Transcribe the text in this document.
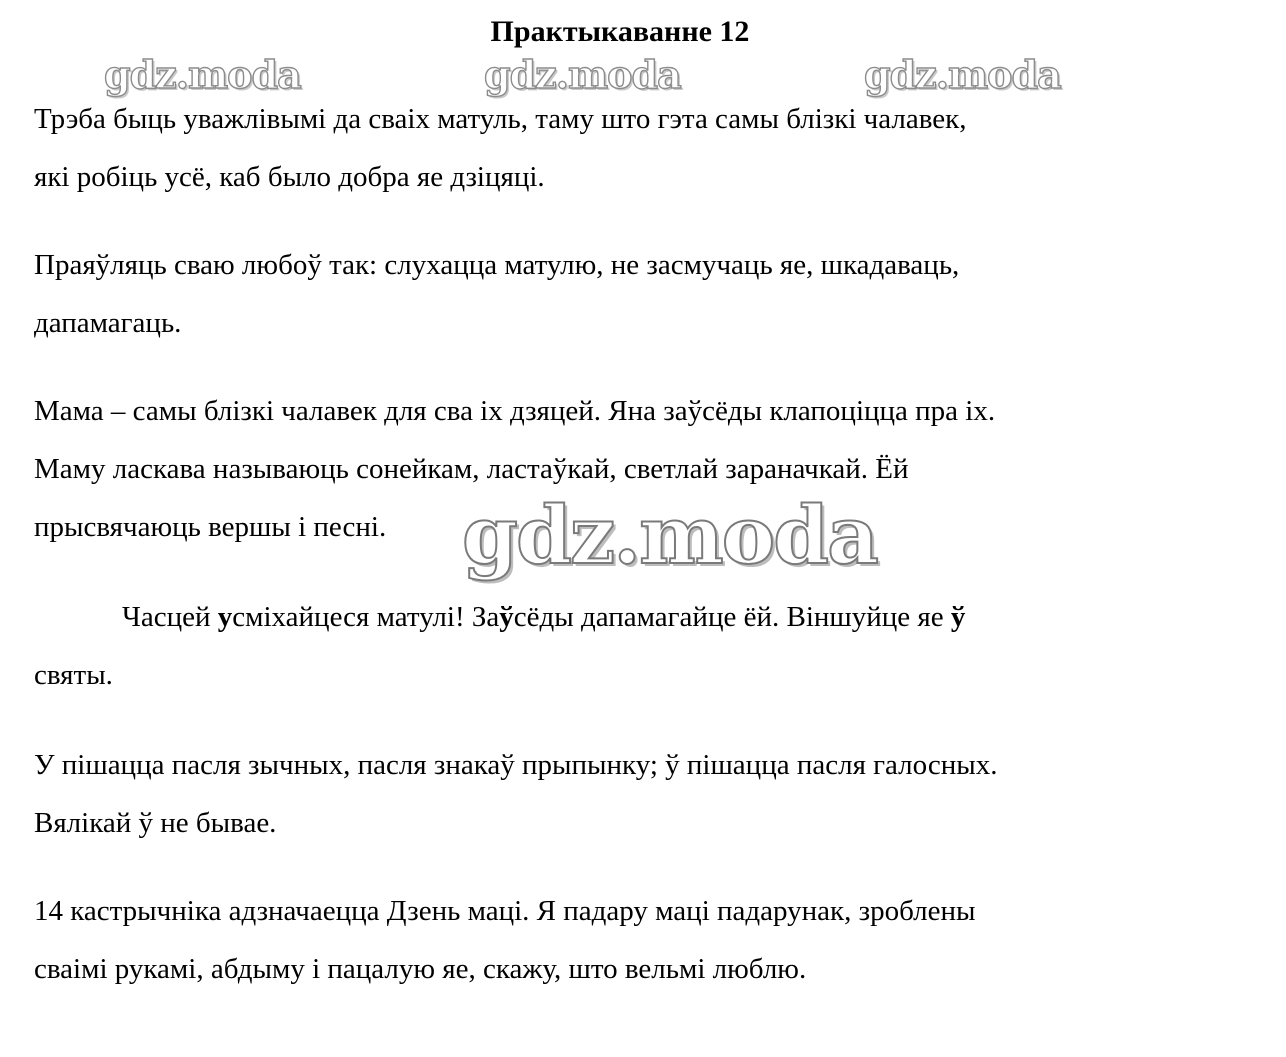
Практыкаванне 12
gdz.moda	gdz.moda	gdz.moda

Трэба быць уважлівымі да сваіх матуль, таму што гэта самы блізкі чалавек,
які робіць усё, каб было добра яе дзіцяці.

Праяўляць сваю любоў так: слухацца матулю, не засмучаць яе, шкадаваць,
дапамагаць.

Мама – самы блізкі чалавек для сва іх дзяцей. Яна заўсёды клапоціцца пра іх.
Маму ласкава называюць сонейкам, ластаўкай, светлай зараначкай. Ёй
прысвячаюць вершы і песні.

Часцей усміхайцеся матулі! Заўсёды дапамагайце ёй. Віншуйце яе ў
святы.

У пішацца пасля зычных, пасля знакаў прыпынку; ў пішацца пасля галосных.
Вялікай ў не бывае.

14 кастрычніка адзначаецца Дзень маці. Я падару маці падарунак, зроблены
сваімі рукамі, абдыму і пацалую яе, скажу, што вельмі люблю.

gdz.moda
